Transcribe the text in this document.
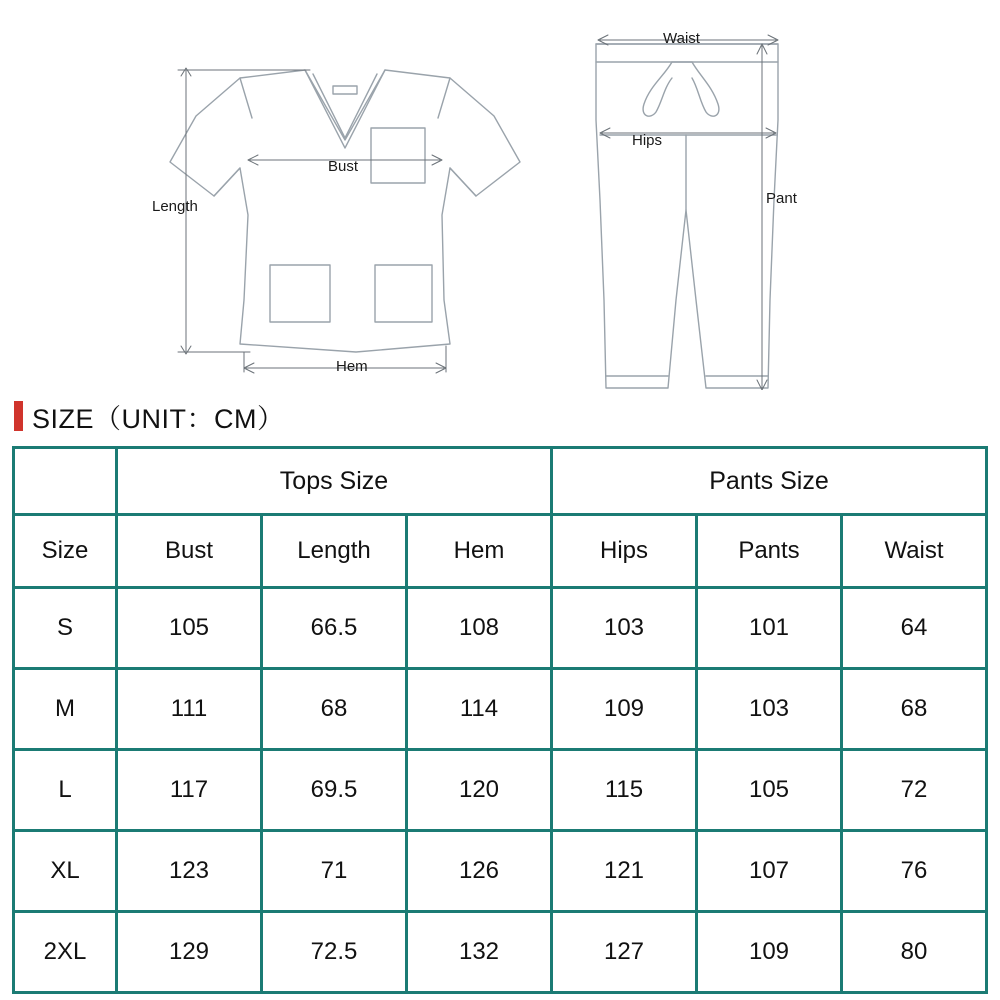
Length
Bust
Hem
Waist
Hips
Pant
SIZE（UNIT：CM）
	Tops Size			Pants Size		
Size	Bust	Length	Hem	Hips	Pants	Waist
S	105	66.5	108	103	101	64
M	111	68	114	109	103	68
L	117	69.5	120	115	105	72
XL	123	71	126	121	107	76
2XL	129	72.5	132	127	109	80
